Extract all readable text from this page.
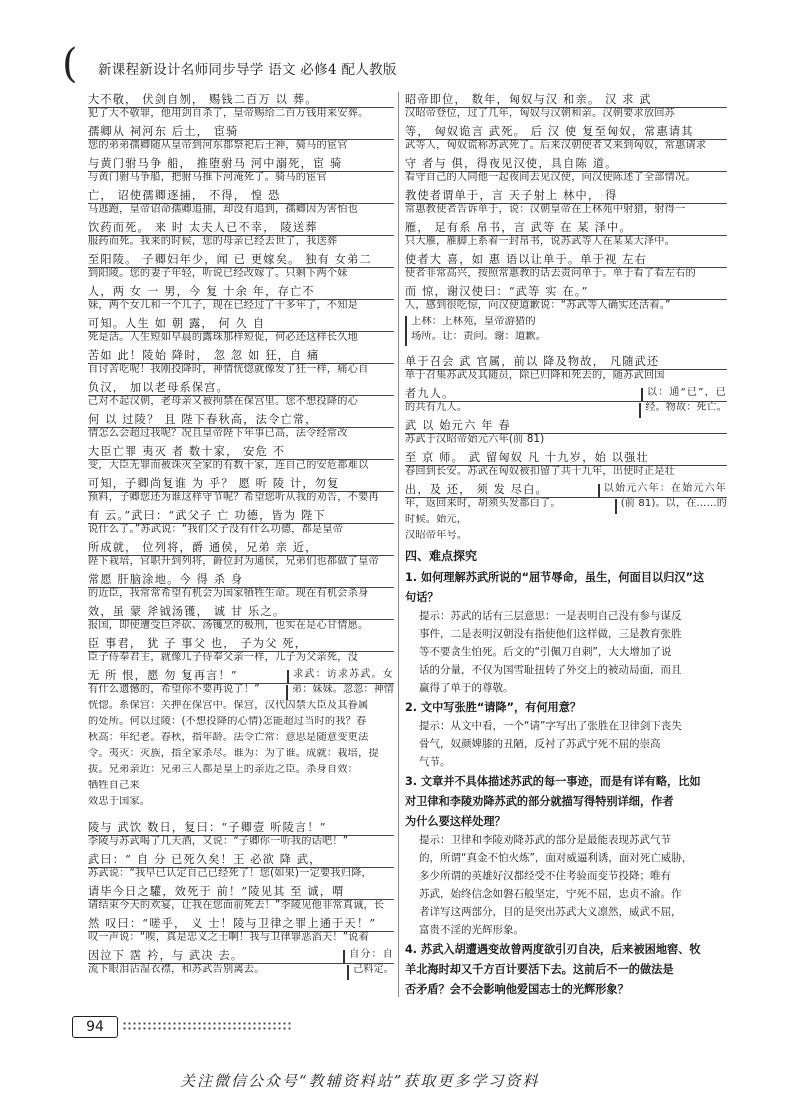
( 新课程新设计名师同步导学 语文 必修4 配人教版
大不敬， 伏剑自刎， 赐钱二百万 以 葬。
犯了大不敬罪，他用剑自杀了，皇帝赐给二百万钱用来安葬。
孺卿从 祠河东 后土， 宦骑
您的弟弟孺卿随从皇帝到河东郡祭祀后土神，骑马的宦官
与黄门驸马争 船， 推堕驸马 河中溺死，宦 骑
与黄门驸马争船，把驸马推下河淹死了。骑马的宦官
亡， 诏使孺卿逐捕， 不得， 惶 恐
马逃跑，皇帝诏命孺卿追捕，却没有追到，孺卿因为害怕也
饮药而死。 来 时 太夫人已不幸， 陵送葬
服药而死。我来的时候，您的母亲已经去世了，我送葬
至阳陵。 子卿妇年少，闻 已 更嫁矣。 独有 女弟二
到阳陵。您的妻子年轻，听说已经改嫁了。只剩下两个妹
人，两 女 一 男，今 复 十余 年，存亡不
妹，两个女儿和一个儿子，现在已经过了十多年了，不知是
可知。人生 如 朝 露， 何 久 自
死是活。人生短如早晨的露珠那样短促，何必还这样长久地
苦如 此！陵始 降时， 忽 忽 如 狂，自 痛
自讨苦吃呢！我刚投降时，神情恍惚就像发了狂一样，痛心自
负汉， 加以老母系保宫。
己对不起汉朝，老母亲又被拘禁在保宫里。您不想投降的心
何 以 过陵？ 且 陛下春秋高，法令亡常，
情怎么会超过我呢？况且皇帝陛下年事已高，法令经常改
大臣亡罪 夷灭 者 数十家， 安危 不
变，大臣无罪而被诛灭全家的有数十家，连自己的安危都难以
可知，子卿尚复谁 为 乎？ 愿 听 陵 计，勿复
预料，子卿您还为谁这样守节呢？希望您听从我的劝告，不要再
有 云。”武曰：“武父子 亡 功德，皆为 陛下
说什么了。”苏武说：“我们父子没有什么功德，都是皇帝
所成就， 位列将，爵 通侯，兄弟 亲 近，
陛下栽培，官职升到列将，爵位封为通侯，兄弟们也都做了皇帝
常愿 肝脑涂地。今 得 杀 身
的近臣，我常常希望有机会为国家牺牲生命。现在有机会杀身
效，虽 蒙 斧钺汤镬， 诚 甘 乐之。
报国，即使遭受巨斧砍、汤镬烹的极刑，也实在是心甘情愿。
臣 事君， 犹 子 事父 也， 子为父 死，
臣子侍奉君主，就像儿子侍奉父亲一样，儿子为父亲死，没
无 所 恨，愿 勿 复再言！”	求武：访求苏武。女
有什么遗憾的，希望你不要再说了！”	弟：妹妹。忽忽：神情
恍惚。系保宫：关押在保宫中。保宫，汉代囚禁大臣及其眷属
的处所。何以过陵：(不想投降的心情)怎能超过当时的我？春
秋高：年纪老。春秋，指年龄。法令亡常：意思是随意变更法
令。夷灭：灭族，指全家杀尽。谁为：为了谁。成就：栽培，提
拔。兄弟亲近：兄弟三人都是皇上的亲近之臣。杀身自效：
牺牲自己来
效忠于国家。
陵与 武饮 数日，复曰：“子卿壹 听陵言！”
李陵与苏武喝了几天酒，又说：“子卿你一听我的话吧！”
武曰：“ 自 分 已死久矣！王 必欲 降 武，
苏武说：“我早已认定自己已经死了！您(如果)一定要我归降，
请毕今日之驩，效死于 前！”陵见其 至 诚，喟
请结束今天的欢宴，让我在您面前死去！”李陵见他非常真诚，长
然 叹曰：“嗟乎， 义 士！陵与卫律之罪上通于天！”
叹一声说：“唉，真是忠义之士啊！我与卫律罪恶滔天！”说着
因泣下 霑 衿，与 武决 去。	自分：自
流下眼泪沾湿衣襟，和苏武告别离去。	己料定。
昭帝即位， 数年，匈奴与汉 和亲。 汉 求 武
汉昭帝登位，过了几年，匈奴与汉朝和亲。汉朝要求放回苏
等， 匈奴诡言 武死。 后 汉 使 复至匈奴，常惠请其
武等人，匈奴谎称苏武死了。后来汉朝使者又来到匈奴，常惠请求
守 者与 俱，得夜见汉使，具自陈 道。
看守自己的人同他一起夜间去见汉使，向汉使陈述了全部情况。
教使者谓单于，言 天子射上 林中， 得
常惠教使者告诉单于，说：汉朝皇帝在上林苑中射猎，射得一
雁， 足有系 帛书，言 武等 在 某 泽中。
只大雁，雁脚上系着一封帛书，说苏武等人在某某大泽中。
使者大 喜，如 惠 语以让单于。单于视 左右
使者非常高兴，按照常惠教的话去责问单于。单于看了看左右的
而 惊，谢汉使曰：“武等 实 在。”
人，感到很吃惊，向汉使道歉说：“苏武等人确实还活着。”
上林：上林苑，皇帝游猎的
场所。让：责问。谢：道歉。
单于召会 武 官属，前以 降及物故， 凡随武还
单于召集苏武及其随员，除已归降和死去的，随苏武回国
者九人。	以：通“已”，已
的共有九人。	经。物故：死亡。
武 以 始元六 年 春
苏武于汉昭帝始元六年(前 81)
至 京 师。 武 留匈奴 凡 十九岁，始 以强壮
春回到长安。苏武在匈奴被扣留了共十九年，出使时正是壮
出，及 还， 须 发 尽白。	以始元六年：在始元六年
年，返回来时，胡须头发都白了。	(前 81)。以，在……的
时候。始元，
汉昭帝年号。
四、难点探究
1. 如何理解苏武所说的“屈节辱命，虽生，何面目以归汉”这
句话？
提示：苏武的话有三层意思：一是表明自己没有参与谋反
事件，二是表明汉朝没有指使他们这样做，三是教育张胜
等不要贪生怕死。后文的“引佩刀自刺”，大大增加了说
话的分量，不仅为国雪耻扭转了外交上的被动局面，而且
赢得了单于的尊敬。
2. 文中写张胜“请降”，有何用意？
提示：从文中看，一个“请”字写出了张胜在卫律剑下丧失
骨气，奴颜婢膝的丑陋，反衬了苏武宁死不屈的崇高
气节。
3. 文章并不具体描述苏武的每一事迹，而是有详有略，比如
对卫律和李陵劝降苏武的部分就描写得特别详细，作者
为什么要这样处理？
提示：卫律和李陵劝降苏武的部分是最能表现苏武气节
的，所谓“真金不怕火炼”，面对威逼利诱，面对死亡威胁，
多少所谓的英雄好汉都经受不住考验而变节投降；唯有
苏武，始终信念如磐石般坚定，宁死不屈，忠贞不渝。作
者详写这两部分，目的是突出苏武大义凛然，威武不屈，
富贵不淫的光辉形象。
4. 苏武入胡遭遇变故曾两度欲引刃自决，后来被困地窖、牧
羊北海时却又千方百计要活下去。这前后不一的做法是
否矛盾？会不会影响他爱国志士的光辉形象？
94
关注微信公众号“教辅资料站”获取更多学习资料
